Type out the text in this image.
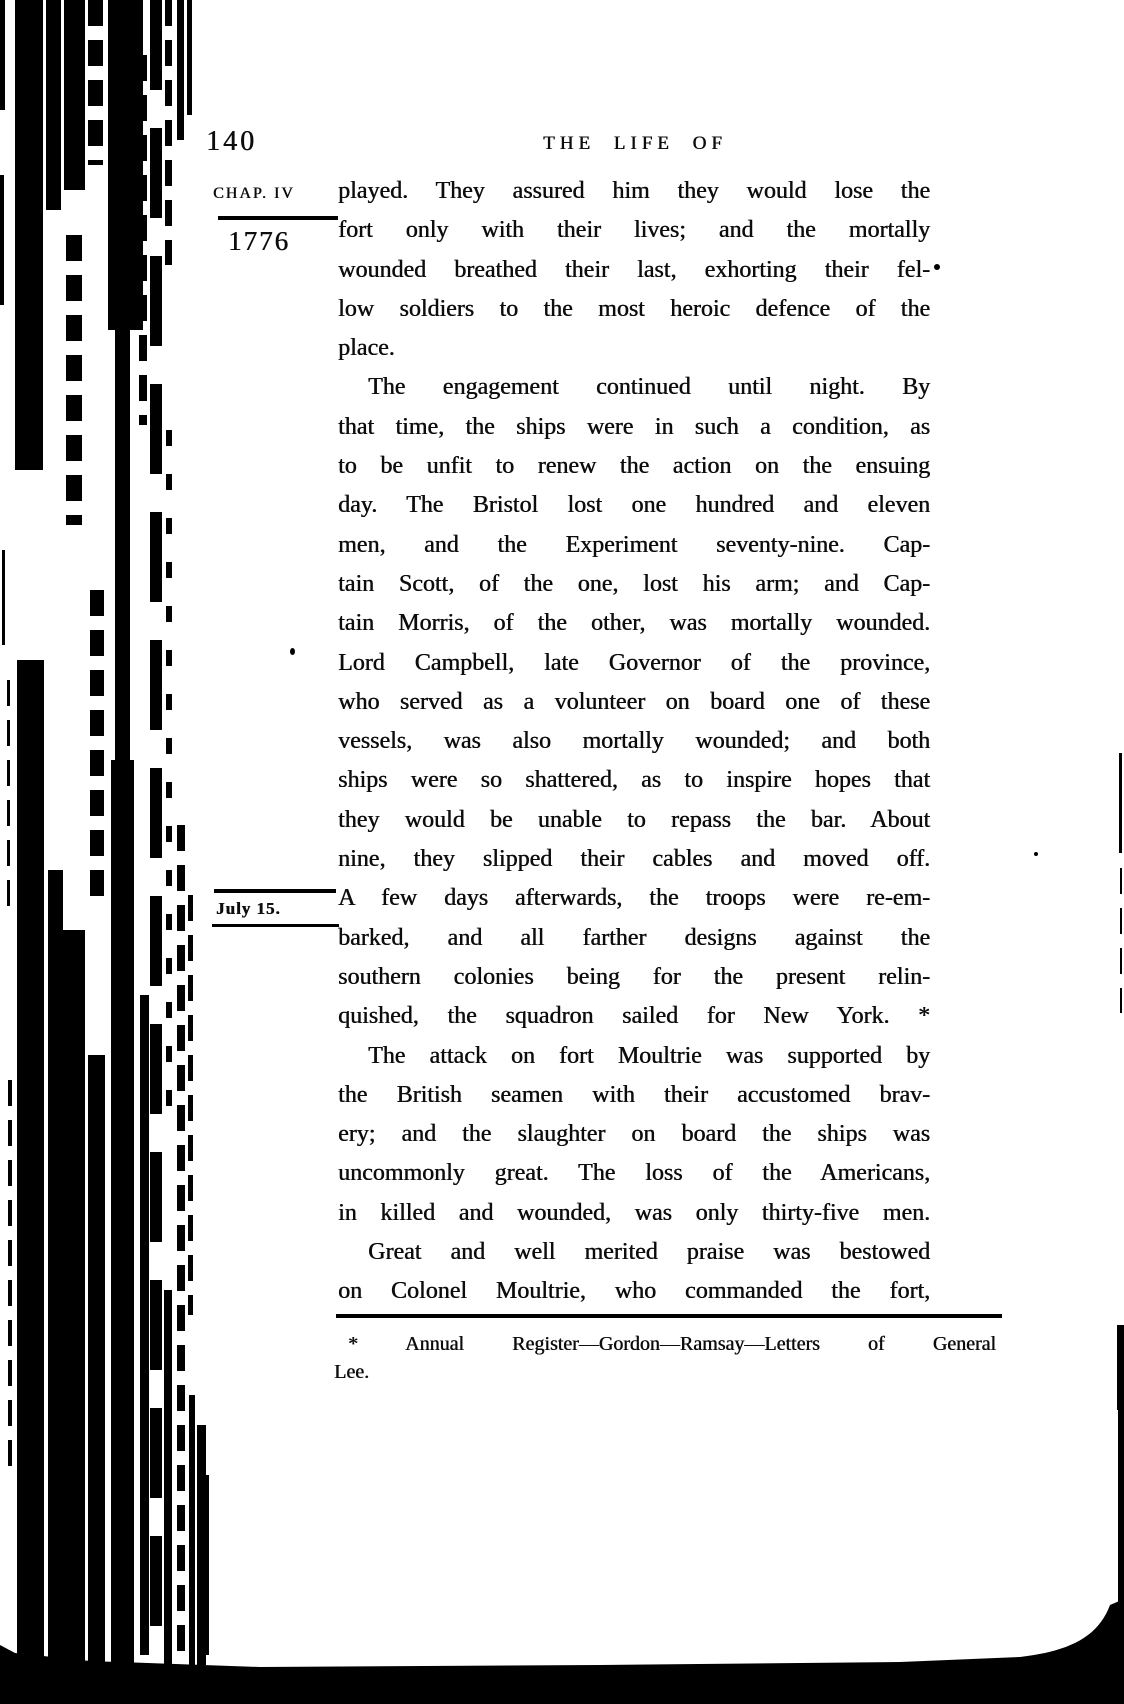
140	THE LIFE OF
CHAP. IV
1776
July 15.
played. They assured him they would lose the
fort only with their lives; and the mortally
wounded breathed their last, exhorting their fel-
low soldiers to the most heroic defence of the
place.
The engagement continued until night. By
that time, the ships were in such a condition, as
to be unfit to renew the action on the ensuing
day. The Bristol lost one hundred and eleven
men, and the Experiment seventy-nine. Cap-
tain Scott, of the one, lost his arm; and Cap-
tain Morris, of the other, was mortally wounded.
Lord Campbell, late Governor of the province,
who served as a volunteer on board one of these
vessels, was also mortally wounded; and both
ships were so shattered, as to inspire hopes that
they would be unable to repass the bar. About
nine, they slipped their cables and moved off.
A few days afterwards, the troops were re-em-
barked, and all farther designs against the
southern colonies being for the present relin-
quished, the squadron sailed for New York. *
The attack on fort Moultrie was supported by
the British seamen with their accustomed brav-
ery; and the slaughter on board the ships was
uncommonly great. The loss of the Americans,
in killed and wounded, was only thirty-five men.
Great and well merited praise was bestowed
on Colonel Moultrie, who commanded the fort,
* Annual Register—Gordon—Ramsay—Letters of General
Lee.
